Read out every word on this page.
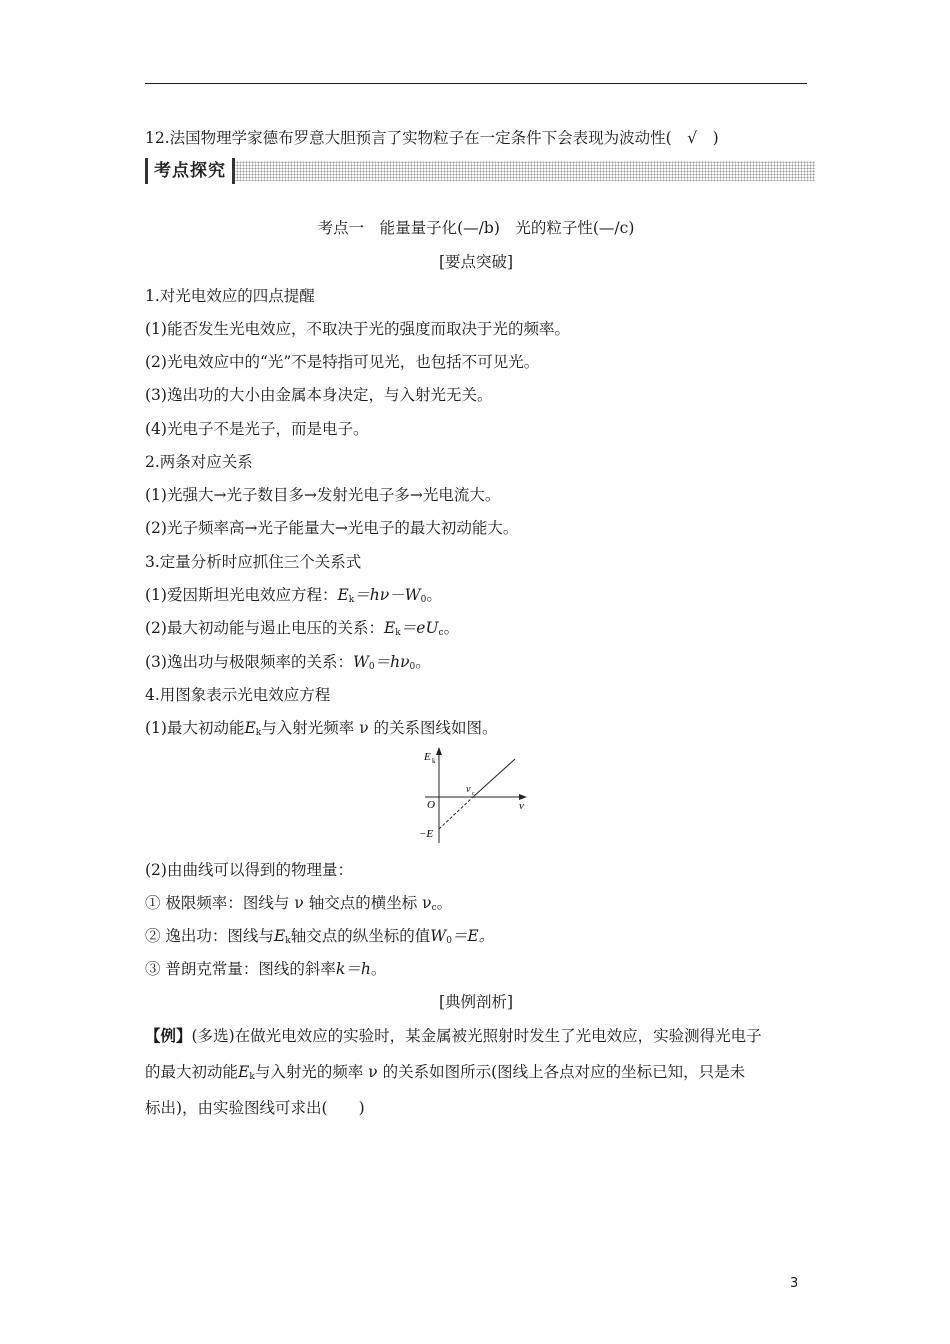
12.法国物理学家德布罗意大胆预言了实物粒子在一定条件下会表现为波动性(　√　)
考点探究
考点一　能量量子化(—/b)　光的粒子性(—/c)
[要点突破]
1.对光电效应的四点提醒
(1)能否发生光电效应，不取决于光的强度而取决于光的频率。
(2)光电效应中的“光”不是特指可见光，也包括不可见光。
(3)逸出功的大小由金属本身决定，与入射光无关。
(4)光电子不是光子，而是电子。
2.两条对应关系
(1)光强大→光子数目多→发射光电子多→光电流大。
(2)光子频率高→光子能量大→光电子的最大初动能大。
3.定量分析时应抓住三个关系式
(1)爱因斯坦光电效应方程：$E_k=h\nu-W_0$。
(2)最大初动能与遏止电压的关系：$E_k=eU_c$。
(3)逸出功与极限频率的关系：$W_0=h\nu_0$。
4.用图象表示光电效应方程
(1)最大初动能$E_k$与入射光频率 ν 的关系图线如图。
E k
O	ν
ν c
−E
(2)由曲线可以得到的物理量：
① 极限频率：图线与 ν 轴交点的横坐标 $\nu_c$。
② 逸出功：图线与$E_k$轴交点的纵坐标的值$W_0=E$。
③ 普朗克常量：图线的斜率k＝h。
[典例剖析]
【例】(多选)在做光电效应的实验时，某金属被光照射时发生了光电效应，实验测得光电子
的最大初动能$E_k$与入射光的频率 ν 的关系如图所示(图线上各点对应的坐标已知，只是未
标出)，由实验图线可求出(　　)
3
